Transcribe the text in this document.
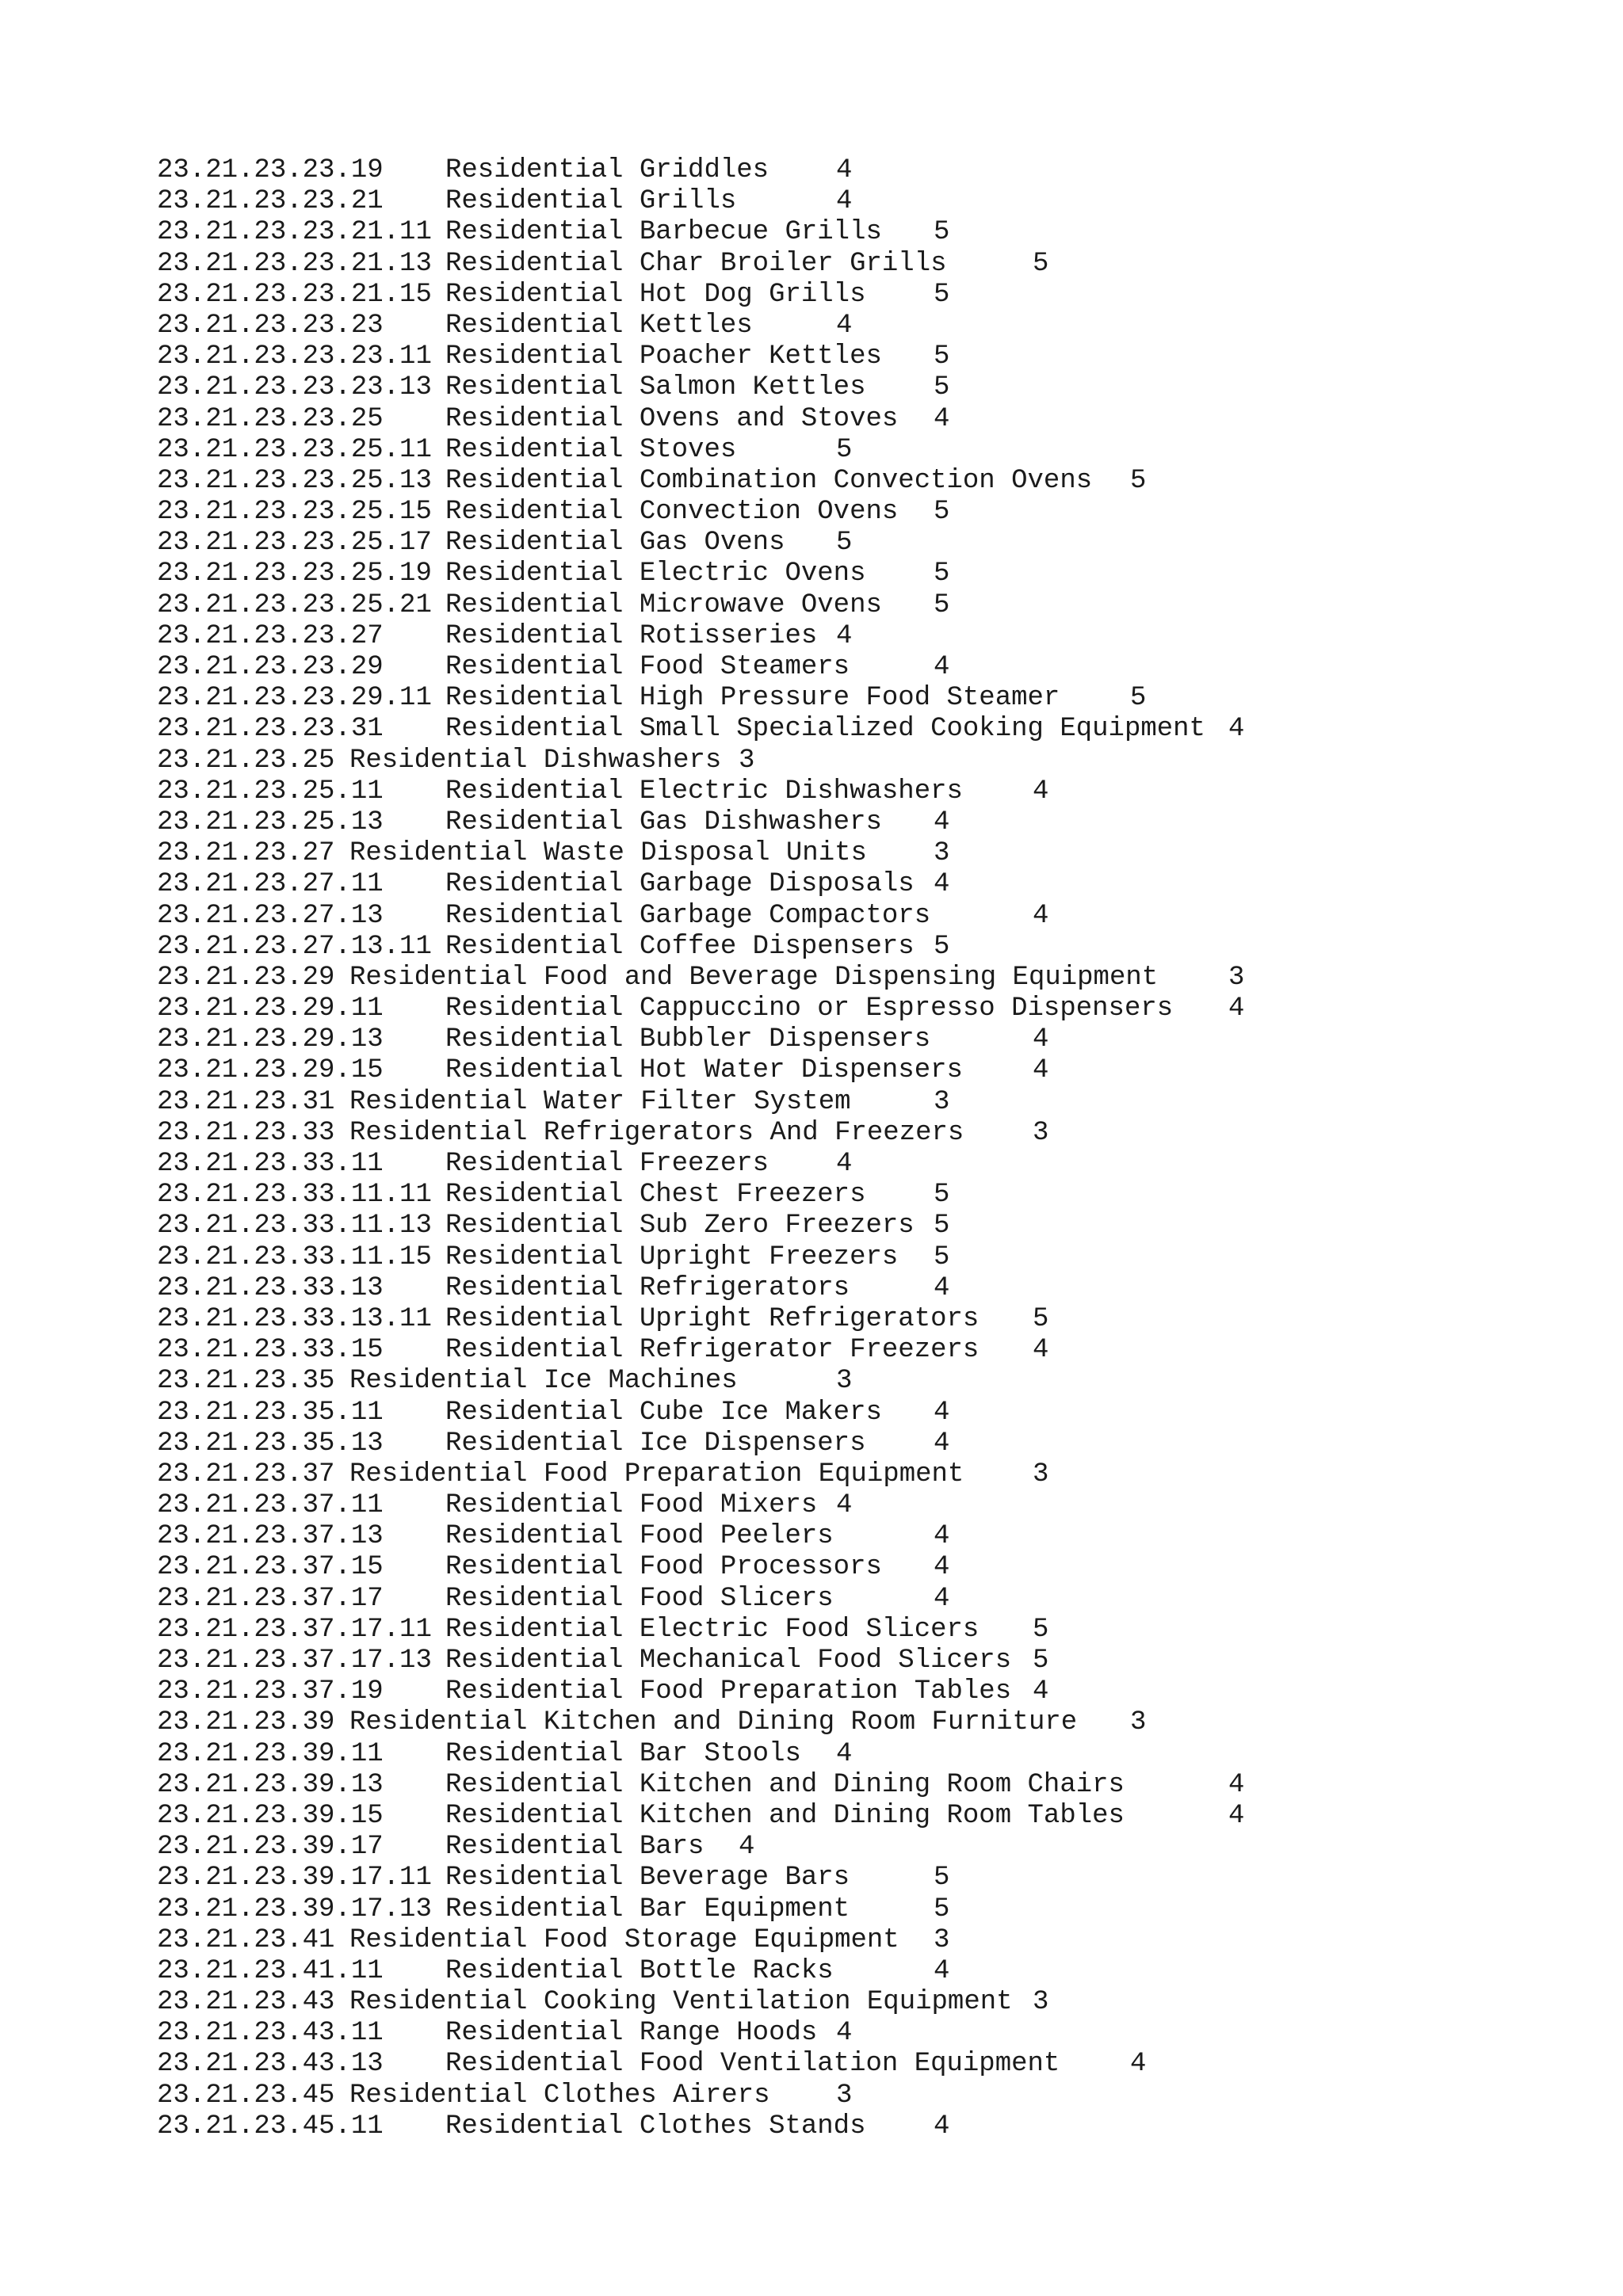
23.21.23.23.19 Residential Griddles 4
23.21.23.23.21 Residential Grills	4
23.21.23.23.21.11 Residential Barbecue Grills 5
23.21.23.23.21.13 Residential Char Broiler Grills	5
23.21.23.23.21.15 Residential Hot Dog Grills	5
23.21.23.23.23 Residential Kettles	4
23.21.23.23.23.11 Residential Poacher Kettles 5
23.21.23.23.23.13 Residential Salmon Kettles	5
23.21.23.23.25 Residential Ovens and Stoves 4
23.21.23.23.25.11 Residential Stoves	5
23.21.23.23.25.13 Residential Combination Convection Ovens 5
23.21.23.23.25.15 Residential Convection Ovens 5
23.21.23.23.25.17 Residential Gas Ovens 5
23.21.23.23.25.19 Residential Electric Ovens	5
23.21.23.23.25.21 Residential Microwave Ovens 5
23.21.23.23.27 Residential Rotisseries 4
23.21.23.23.29 Residential Food Steamers	4
23.21.23.23.29.11 Residential High Pressure Food Steamer	5
23.21.23.23.31 Residential Small Specialized Cooking Equipment 4
23.21.23.25 Residential Dishwashers 3
23.21.23.25.11 Residential Electric Dishwashers	4
23.21.23.25.13 Residential Gas Dishwashers 4
23.21.23.27 Residential Waste Disposal Units 3
23.21.23.27.11 Residential Garbage Disposals 4
23.21.23.27.13 Residential Garbage Compactors	4
23.21.23.27.13.11 Residential Coffee Dispensers 5
23.21.23.29 Residential Food and Beverage Dispensing Equipment	3
23.21.23.29.11 Residential Cappuccino or Espresso Dispensers 4
23.21.23.29.13 Residential Bubbler Dispensers	4
23.21.23.29.15 Residential Hot Water Dispensers	4
23.21.23.31 Residential Water Filter System	3
23.21.23.33 Residential Refrigerators And Freezers	3
23.21.23.33.11 Residential Freezers 4
23.21.23.33.11.11 Residential Chest Freezers	5
23.21.23.33.11.13 Residential Sub Zero Freezers 5
23.21.23.33.11.15 Residential Upright Freezers 5
23.21.23.33.13 Residential Refrigerators	4
23.21.23.33.13.11 Residential Upright Refrigerators 5
23.21.23.33.15 Residential Refrigerator Freezers 4
23.21.23.35 Residential Ice Machines	3
23.21.23.35.11 Residential Cube Ice Makers 4
23.21.23.35.13 Residential Ice Dispensers	4
23.21.23.37 Residential Food Preparation Equipment	3
23.21.23.37.11 Residential Food Mixers 4
23.21.23.37.13 Residential Food Peelers	4
23.21.23.37.15 Residential Food Processors 4
23.21.23.37.17 Residential Food Slicers	4
23.21.23.37.17.11 Residential Electric Food Slicers 5
23.21.23.37.17.13 Residential Mechanical Food Slicers 5
23.21.23.37.19 Residential Food Preparation Tables 4
23.21.23.39 Residential Kitchen and Dining Room Furniture 3
23.21.23.39.11 Residential Bar Stools 4
23.21.23.39.13 Residential Kitchen and Dining Room Chairs	4
23.21.23.39.15 Residential Kitchen and Dining Room Tables	4
23.21.23.39.17 Residential Bars 4
23.21.23.39.17.11 Residential Beverage Bars	5
23.21.23.39.17.13 Residential Bar Equipment	5
23.21.23.41 Residential Food Storage Equipment 3
23.21.23.41.11 Residential Bottle Racks	4
23.21.23.43 Residential Cooking Ventilation Equipment 3
23.21.23.43.11 Residential Range Hoods 4
23.21.23.43.13 Residential Food Ventilation Equipment	4
23.21.23.45 Residential Clothes Airers 3
23.21.23.45.11 Residential Clothes Stands	4
